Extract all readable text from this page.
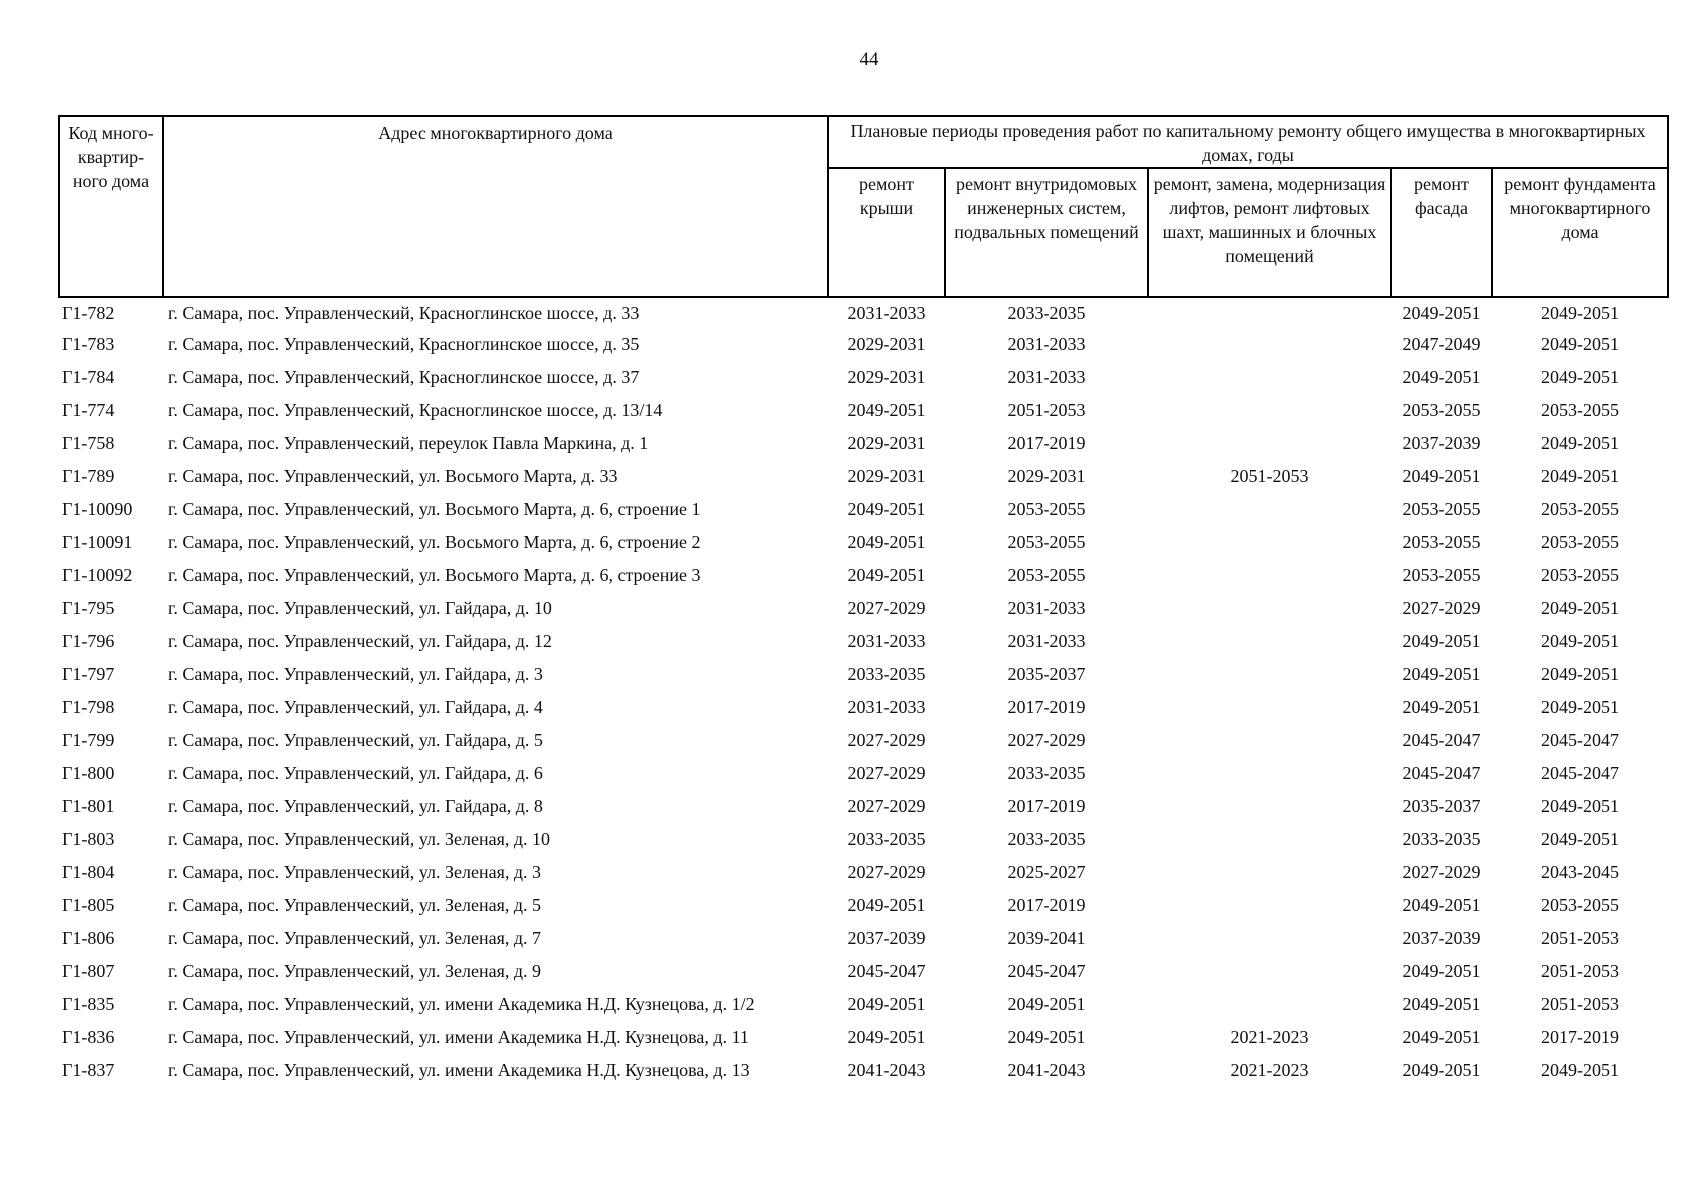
44
Код много- квартир- ного дома	Адрес многоквартирного дома	Плановые периоды проведения работ по капитальному ремонту общего имущества в многоквартирных домах, годы				

		ремонт крыши	ремонт внутридомовых инженерных систем, подвальных помещений	ремонт, замена, модернизация лифтов, ремонт лифтовых шахт, машинных и блочных помещений	ремонт фасада	ремонт фундамента многоквартирного дома
Г1-782	г. Самара, пос. Управленческий, Красноглинское шоссе, д. 33	2031-2033	2033-2035		2049-2051	2049-2051
Г1-783	г. Самара, пос. Управленческий, Красноглинское шоссе, д. 35	2029-2031	2031-2033		2047-2049	2049-2051
Г1-784	г. Самара, пос. Управленческий, Красноглинское шоссе, д. 37	2029-2031	2031-2033		2049-2051	2049-2051
Г1-774	г. Самара, пос. Управленческий, Красноглинское шоссе, д. 13/14	2049-2051	2051-2053		2053-2055	2053-2055
Г1-758	г. Самара, пос. Управленческий, переулок Павла Маркина, д. 1	2029-2031	2017-2019		2037-2039	2049-2051
Г1-789	г. Самара, пос. Управленческий, ул. Восьмого Марта, д. 33	2029-2031	2029-2031	2051-2053	2049-2051	2049-2051
Г1-10090	г. Самара, пос. Управленческий, ул. Восьмого Марта, д. 6, строение 1	2049-2051	2053-2055		2053-2055	2053-2055
Г1-10091	г. Самара, пос. Управленческий, ул. Восьмого Марта, д. 6, строение 2	2049-2051	2053-2055		2053-2055	2053-2055
Г1-10092	г. Самара, пос. Управленческий, ул. Восьмого Марта, д. 6, строение 3	2049-2051	2053-2055		2053-2055	2053-2055
Г1-795	г. Самара, пос. Управленческий, ул. Гайдара, д. 10	2027-2029	2031-2033		2027-2029	2049-2051
Г1-796	г. Самара, пос. Управленческий, ул. Гайдара, д. 12	2031-2033	2031-2033		2049-2051	2049-2051
Г1-797	г. Самара, пос. Управленческий, ул. Гайдара, д. 3	2033-2035	2035-2037		2049-2051	2049-2051
Г1-798	г. Самара, пос. Управленческий, ул. Гайдара, д. 4	2031-2033	2017-2019		2049-2051	2049-2051
Г1-799	г. Самара, пос. Управленческий, ул. Гайдара, д. 5	2027-2029	2027-2029		2045-2047	2045-2047
Г1-800	г. Самара, пос. Управленческий, ул. Гайдара, д. 6	2027-2029	2033-2035		2045-2047	2045-2047
Г1-801	г. Самара, пос. Управленческий, ул. Гайдара, д. 8	2027-2029	2017-2019		2035-2037	2049-2051
Г1-803	г. Самара, пос. Управленческий, ул. Зеленая, д. 10	2033-2035	2033-2035		2033-2035	2049-2051
Г1-804	г. Самара, пос. Управленческий, ул. Зеленая, д. 3	2027-2029	2025-2027		2027-2029	2043-2045
Г1-805	г. Самара, пос. Управленческий, ул. Зеленая, д. 5	2049-2051	2017-2019		2049-2051	2053-2055
Г1-806	г. Самара, пос. Управленческий, ул. Зеленая, д. 7	2037-2039	2039-2041		2037-2039	2051-2053
Г1-807	г. Самара, пос. Управленческий, ул. Зеленая, д. 9	2045-2047	2045-2047		2049-2051	2051-2053
Г1-835	г. Самара, пос. Управленческий, ул. имени Академика Н.Д. Кузнецова, д. 1/2	2049-2051	2049-2051		2049-2051	2051-2053
Г1-836	г. Самара, пос. Управленческий, ул. имени Академика Н.Д. Кузнецова, д. 11	2049-2051	2049-2051	2021-2023	2049-2051	2017-2019
Г1-837	г. Самара, пос. Управленческий, ул. имени Академика Н.Д. Кузнецова, д. 13	2041-2043	2041-2043	2021-2023	2049-2051	2049-2051
